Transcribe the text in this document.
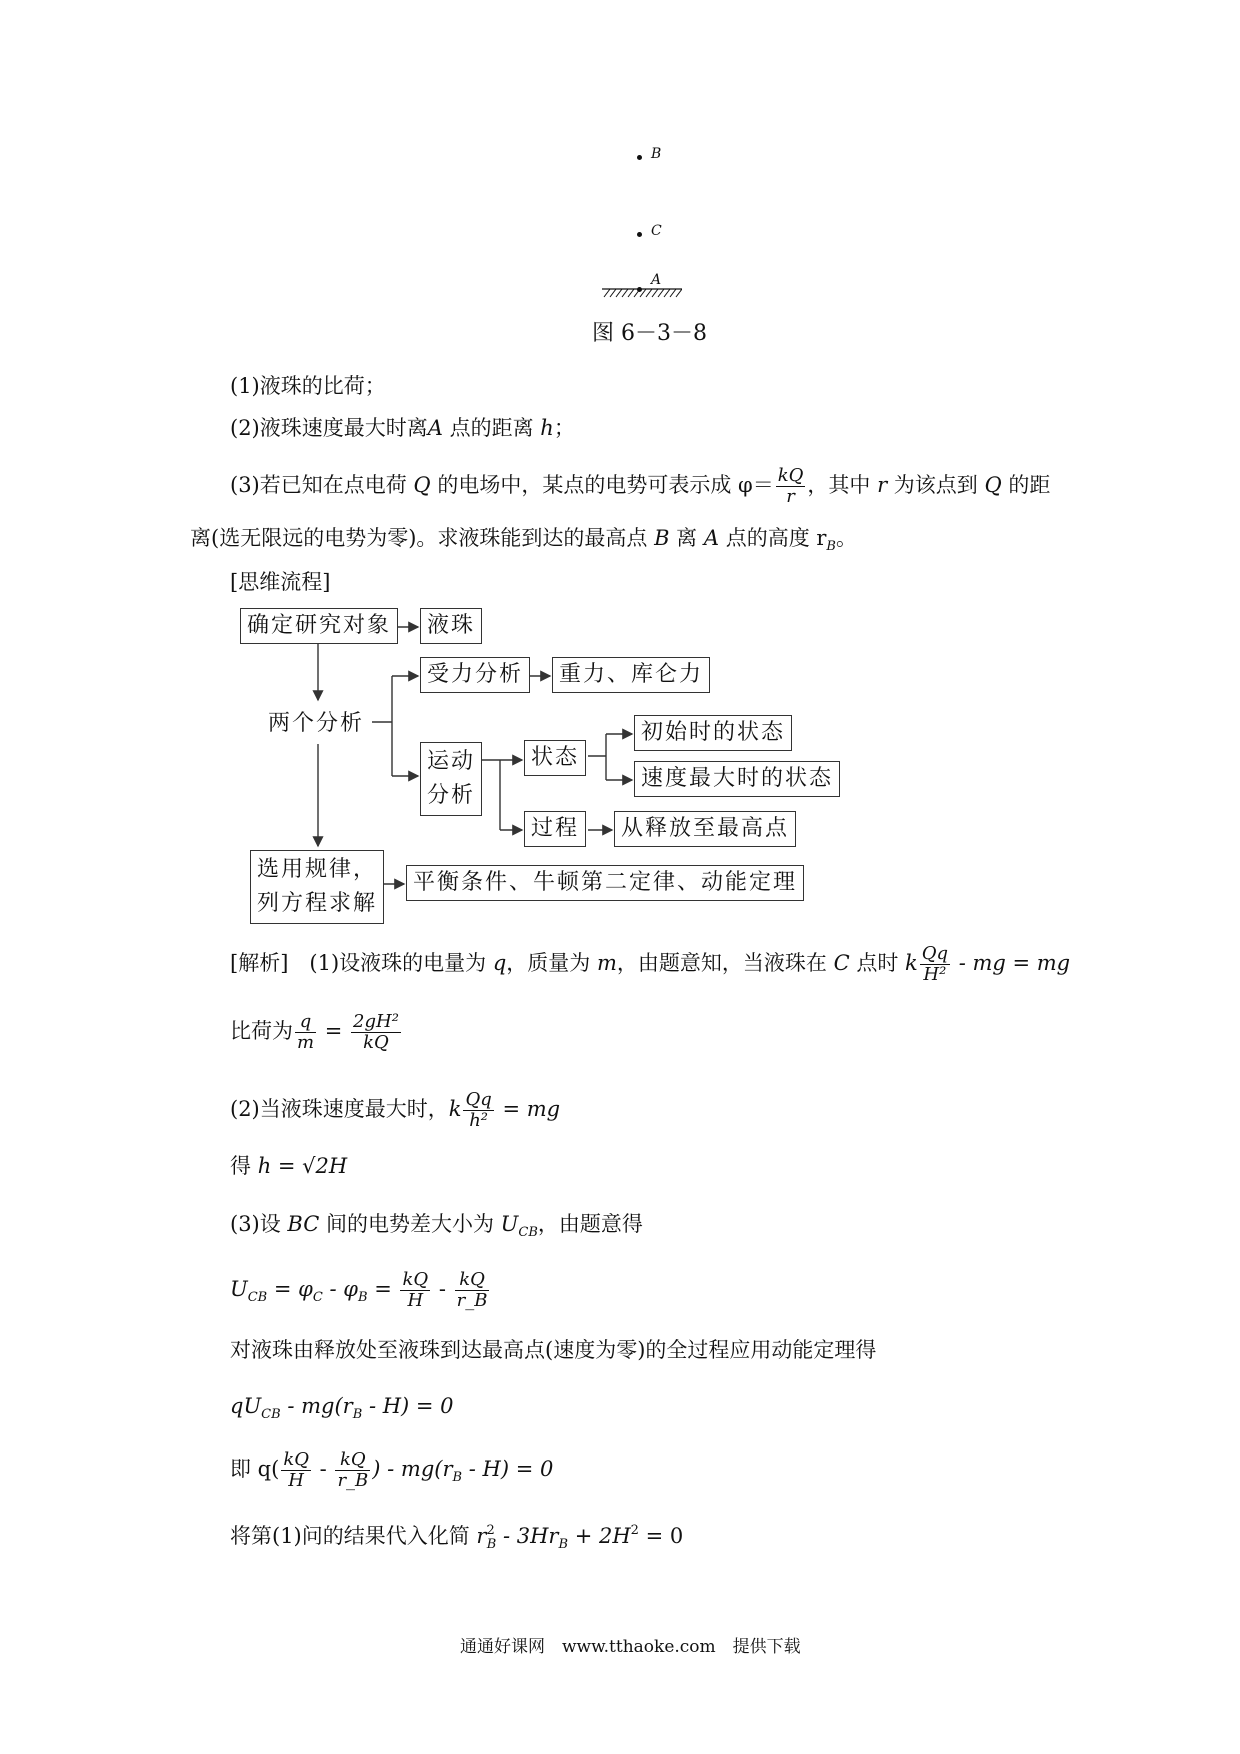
B
C
A
图 6－3－8
(1)液珠的比荷；
(2)液珠速度最大时离A 点的距离 h；
(3)若已知在点电荷 Q 的电场中，某点的电势可表示成 $\varphi= \frac{kQ}{r}$ ，其中 r 为该点到 Q 的距
离(选无限远的电势为零)。求液珠能到达的最高点 B 离 A 点的高度 $r_B$。
[思维流程]
确定研究对象	液珠
两个分析
受力分析	重力、库仑力
运动
分析
状态
初始时的状态
速度最大时的状态
过程	从释放至最高点
选用规律，
列方程求解
平衡条件、牛顿第二定律、动能定理
[解析]　(1)设液珠的电量为 q，质量为 m，由题意知，当液珠在 C 点时 k $\frac{Qq}{\text{H²}}$ - mg = mg
比荷为 $\frac{q}{m} = \frac{\text{2gH²}}{kQ}$
(2)当液珠速度最大时，k $\frac{Qq}{\text{h²}}$ = mg
得 h = √2H
(3)设 BC 间的电势差大小为 $U_{CB}$，由题意得
$U_{CB} = \varphi_C - \varphi_B = \frac{kQ}{H} - \frac{kQ}{r\_B}$
对液珠由释放处至液珠到达最高点(速度为零)的全过程应用动能定理得
$qU_{CB} - mg(r_B - H) = 0$
即 $q( \frac{kQ}{H} - \frac{kQ}{r\_B}$ ) - $mg(r_B - H) = 0$
将第(1)问的结果代入化简 $r^2_B - 3Hr_B + 2H^2 = 0$
通通好课网　www.tthaoke.com　提供下载
